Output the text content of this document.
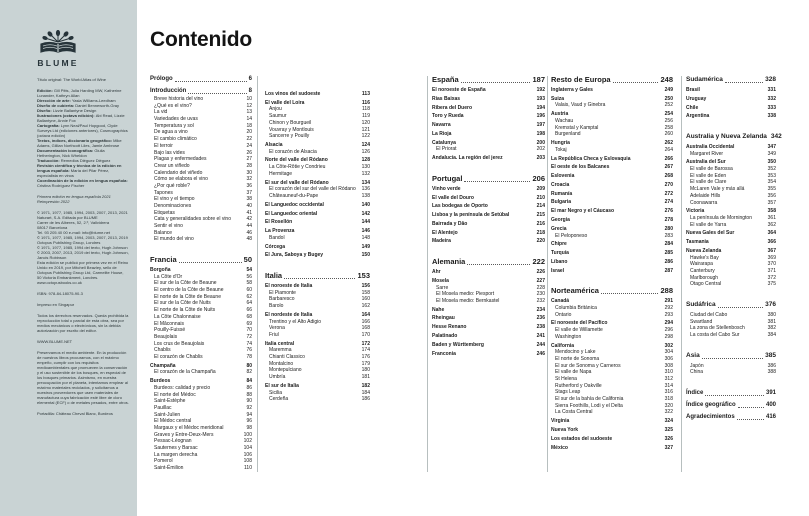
BLUME
Título original: The World Atlas of Wine
Edición: Gill Pitts, Julia Harding MW, Katherine Lunander, Kathryn Allan
Dirección de arte: Yasia Williams-Leedham
Diseño de cubierta: Daniel Benneworth-Gray
Diseño: Lizzie Ballantyne Design
Ilustraciones (octava edición): Abi Read, Lizzie Ballantyne, Annie Fox
Cartografía: Lynn Neal/Paul Hopgood, Clyde Surveys Ltd (ediciones anteriores), Cosmographics (octava edición)
Textos, índices, diccionario geográfico: Mike Adams, Gillian Northcott Liles, Jamie Ambrose
Documentación iconográfica: Giulia Hetherington, Nick Wheldon
Traducción: Remedios Diéguez Diéguez
Revisión científica y técnica de la edición en lengua española: María del Pilar Pérez, especialista en vinos
Coordinación de la edición en lengua española: Cristina Rodríguez Fischer
Primera edición en lengua española 2021
Reimpresión 2022
© 1971, 1977, 1985, 1994, 2003, 2007, 2013, 2021
Naturart, S.A. Editada por BLUME
Carrer de les Alberes, 52, 2.º, Vallvidrera
08017 Barcelona
Tel. 93 205 40 00 e-mail: info@blume.net
© 1971, 1977, 1985, 1994, 2003, 2007, 2013, 2019
Octopus Publishing Group, Londres
© 1971, 1977, 1985, 1994 del texto, Hugh Johnson
© 2003, 2007, 2013, 2019 del texto, Hugh Johnson, Jancis Robinson
Esta edición se publicó por primera vez en el Reino Unido en 2019, por Mitchell Beazley, sello de Octopus Publishing Group Ltd, Carmelite House, 50 Victoria Embankment, Londres. www.octopusbooks.co.uk
ISBN: 978-84-18075-90-3
Impreso en Singapur
Todos los derechos reservados. Queda prohibida la reproducción total o parcial de esta obra, sea por medios mecánicos o electrónicos, sin la debida autorización por escrito del editor.
WWW.BLUME.NET
Preservamos el medio ambiente. En la producción de nuestros libros procuramos, con el máximo empeño, cumplir con los requisitos medioambientales que promueven la conservación y el uso sostenible de los bosques, en especial de los bosques primarios. Asimismo, en nuestra preocupación por el planeta, intentamos emplear al máximo materiales reciclados, y solicitamos a nuestros proveedores que usen materiales de manufactura cuya fabricación esté libre de cloro elemental (ECF) o de metales pesados, entre otros.
Portadilla: Château Cheval Blanc, Burdeos
Contenido
Prólogo	6
Introducción	8
Breve historia del vino	10
¿Qué es el vino?	12
La vid	13
Variedades de uvas	14
Temperatura y sol	18
De agua a vino	20
El cambio climático	22
El terroir	24
Bajo las vides	26
Plagas y enfermedades	27
Crear un viñedo	28
Calendario del viñedo	30
Cómo se elabora el vino	32
¿Por qué roble?	36
Tapones	37
El vino y el tiempo	38
Denominaciones	40
Etiquetas	41
Cata y generalidades sobre el vino	42
Sentir el vino	44
Balance	46
El mundo del vino	48
Francia	50
Borgoña	54
La Côte d'Or	56
El sur de la Côte de Beaune	58
El centro de la Côte de Beaune	60
El norte de la Côte de Beaune	62
El sur de la Côte de Nuits	64
El norte de la Côte de Nuits	66
La Côte Chalonnaise	68
El Mâconnais	69
Pouilly-Fuissé	70
Beaujolais	72
Los crus de Beaujolais	74
Chablis	76
El corazón de Chablis	78
Champaña	80
El corazón de la Champaña	82
Burdeos	84
Burdeos: calidad y precio	86
El norte del Médoc	88
Saint-Estèphe	90
Pauillac	92
Saint-Julien	94
El Médoc central	96
Margaux y el Médoc meridional	98
Graves y Entre-Deux-Mers	100
Pessac-Léognan	102
Sauternes y Barsac	104
La margen derecha	106
Pomerol	108
Saint-Émilion	110
Los vinos del sudoeste	113
El valle del Loira	116
Anjou	118
Saumur	119
Chinon y Bourgueil	120
Vouvray y Montlouis	121
Sancerre y Pouilly	122
Alsacia	124
El corazón de Alsacia	126
Norte del valle del Ródano	128
La Côte-Rôtie y Condrieu	130
Hermitage	132
El sur del valle del Ródano	134
El corazón del sur del valle del Ródano 136
Châteauneuf-du-Pape	138
El Languedoc occidental	140
El Languedoc oriental	142
El Rosellón	144
La Provenza	146
Bandol	148
Córcega	149
El Jura, Saboya y Bugey	150
Italia	153
El noroeste de Italia	156
El Piamonte	158
Barbaresco	160
Barolo	162
El nordeste de Italia	164
Trentino y el Alto Adigio	166
Verona	168
Friul	170
Italia central	172
Maremma	174
Chianti Classico	176
Montalcino	179
Montepulciano	180
Umbría	181
El sur de Italia	182
Sicilia	184
Cerdeña	186
España	187
El noroeste de España	192
Rías Baixas	193
Ribera del Duero	194
Toro y Rueda	196
Navarra	197
La Rioja	198
Catalunya	200
El Priorat	202
Andalucía. La región del jerez	203
Portugal	206
Vinho verde	209
El valle del Douro	210
Las bodegas de Oporto	214
Lisboa y la península de Setúbal	215
Bairrada y Dão	216
El Alentejo	218
Madeira	220
Alemania	222
Ahr	226
Mosela	227
Sarre	228
El Mosela medio: Piesport	230
El Mosela medio: Bernkastel	232
Nahe	234
Rheingau	236
Hesse Renano	238
Palatinado	241
Baden y Württemberg	244
Franconia	246
Resto de Europa	248
Inglaterra y Gales	249
Suiza	250
Valais, Vaud y Ginebra	252
Austria	254
Wachau	256
Kremstal y Kamptal	258
Burgenland	260
Hungría	262
Tokaj	264
La República Checa y Eslovaquia	266
El oeste de los Balcanes	267
Eslovenia	268
Croacia	270
Rumanía	272
Bulgaria	274
El mar Negro y el Cáucaso	276
Georgia	278
Grecia	280
El Peloponeso	283
Chipre	284
Turquía	285
Líbano	286
Israel	287
Norteamérica	288
Canadá	291
Columbia Británica	292
Ontario	293
El noroeste del Pacífico	294
El valle de Willamette	296
Washington	298
California	302
Mendocino y Lake	304
El norte de Sonoma	306
El sur de Sonoma y Carneros	308
El valle de Napa	310
St Helena	312
Rutherford y Oakville	314
Stags Leap	316
El sur de la bahía de California	318
Sierra Foothills, Lodi y el Delta	320
La Costa Central	322
Virginia	324
Nueva York	325
Los estados del sudoeste	326
México	327
Sudamérica	328
Brasil	331
Uruguay	332
Chile	333
Argentina	338
Australia y Nueva Zelanda 342
Australia Occidental	347
Margaret River	349
Australia del Sur	350
El valle de Barossa	352
El valle de Eden	353
El valle de Clare	354
McLaren Vale y más allá	355
Adelaide Hills	356
Coonawarra	357
Victoria	358
La península de Mornington	361
El valle de Yarra	362
Nueva Gales del Sur	364
Tasmania	366
Nueva Zelanda	367
Hawke's Bay	369
Wairarapa	370
Canterbury	371
Marlborough	372
Otago Central	375
Sudáfrica	376
Ciudad del Cabo	380
Swartland	381
La zona de Stellenbosch	382
La costa del Cabo Sur	384
Asia	385
Japón	386
China	388
Índice	391
Índice geográfico	400
Agradecimientos	416
